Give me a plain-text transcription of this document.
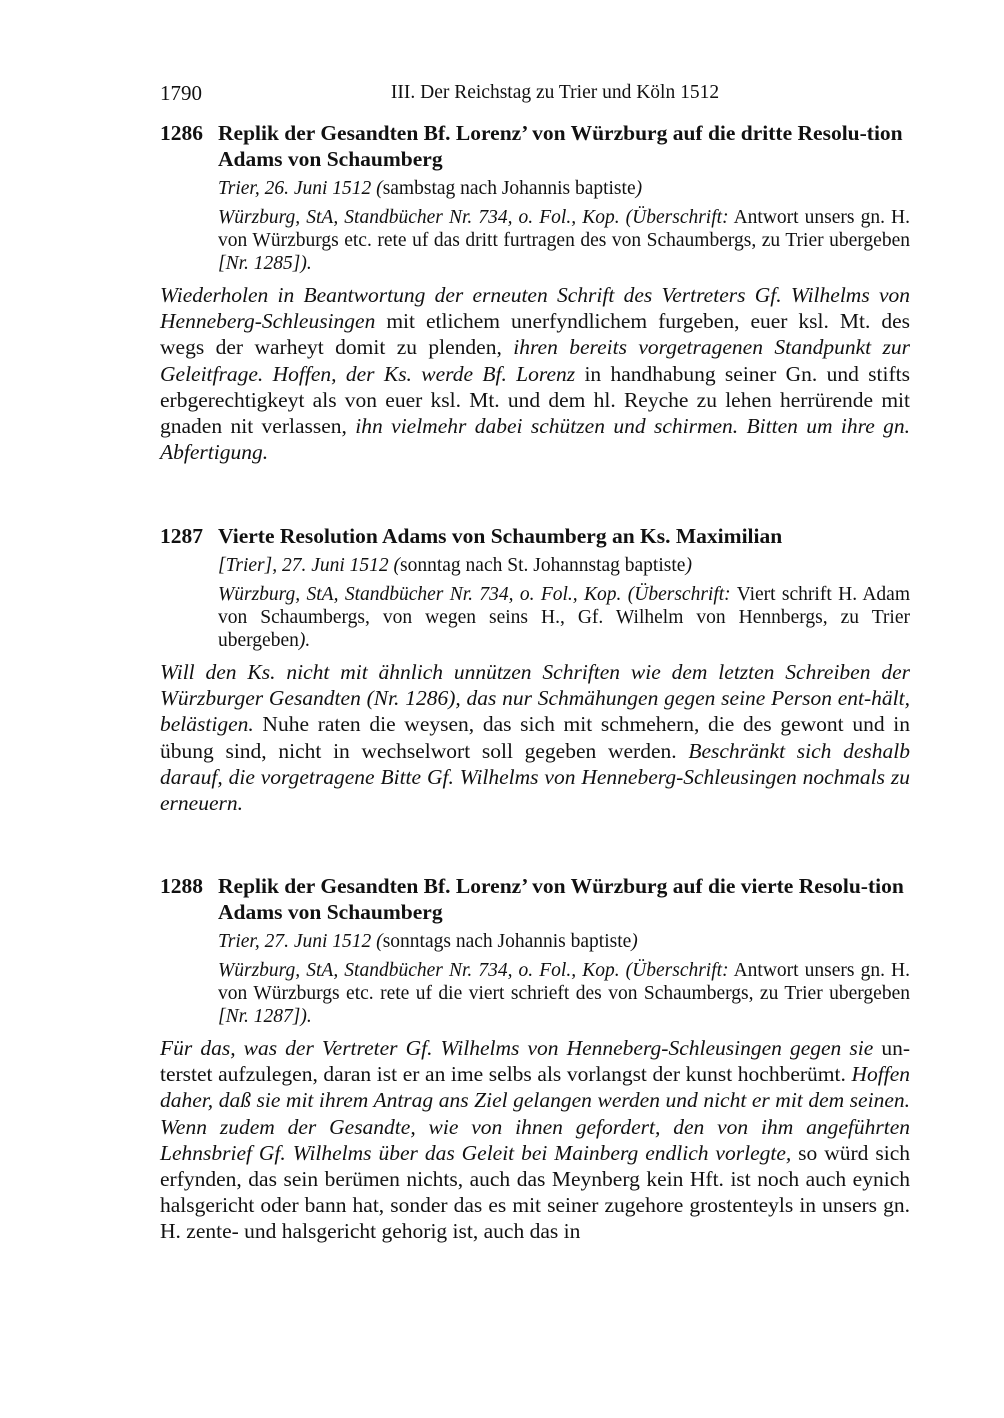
1790	III. Der Reichstag zu Trier und Köln 1512
1286 Replik der Gesandten Bf. Lorenz’ von Würzburg auf die dritte Resolu-tion Adams von Schaumberg
Trier, 26. Juni 1512 (sambstag nach Johannis baptiste)
Würzburg, StA, Standbücher Nr. 734, o. Fol., Kop. (Überschrift: Antwort unsers gn. H. von Würzburgs etc. rete uf das dritt furtragen des von Schaumbergs, zu Trier ubergeben [Nr. 1285]).
Wiederholen in Beantwortung der erneuten Schrift des Vertreters Gf. Wilhelms von Henneberg-Schleusingen mit etlichem unerfyndlichem furgeben, euer ksl. Mt. des wegs der warheyt domit zu plenden, ihren bereits vorgetragenen Standpunkt zur Geleitfrage. Hoffen, der Ks. werde Bf. Lorenz in handhabung seiner Gn. und stifts erbgerechtigkeyt als von euer ksl. Mt. und dem hl. Reyche zu lehen herrürende mit gnaden nit verlassen, ihn vielmehr dabei schützen und schirmen. Bitten um ihre gn. Abfertigung.
1287 Vierte Resolution Adams von Schaumberg an Ks. Maximilian
[Trier], 27. Juni 1512 (sonntag nach St. Johannstag baptiste)
Würzburg, StA, Standbücher Nr. 734, o. Fol., Kop. (Überschrift: Viert schrift H. Adam von Schaumbergs, von wegen seins H., Gf. Wilhelm von Hennbergs, zu Trier ubergeben).
Will den Ks. nicht mit ähnlich unnützen Schriften wie dem letzten Schreiben der Würzburger Gesandten (Nr. 1286), das nur Schmähungen gegen seine Person ent-hält, belästigen. Nuhe raten die weysen, das sich mit schmehern, die des gewont und in übung sind, nicht in wechselwort soll gegeben werden. Beschränkt sich deshalb darauf, die vorgetragene Bitte Gf. Wilhelms von Henneberg-Schleusingen nochmals zu erneuern.
1288 Replik der Gesandten Bf. Lorenz’ von Würzburg auf die vierte Resolu-tion Adams von Schaumberg
Trier, 27. Juni 1512 (sonntags nach Johannis baptiste)
Würzburg, StA, Standbücher Nr. 734, o. Fol., Kop. (Überschrift: Antwort unsers gn. H. von Würzburgs etc. rete uf die viert schrieft des von Schaumbergs, zu Trier ubergeben [Nr. 1287]).
Für das, was der Vertreter Gf. Wilhelms von Henneberg-Schleusingen gegen sie un-terstet aufzulegen, daran ist er an ime selbs als vorlangst der kunst hochberümt. Hoffen daher, daß sie mit ihrem Antrag ans Ziel gelangen werden und nicht er mit dem seinen. Wenn zudem der Gesandte, wie von ihnen gefordert, den von ihm angeführten Lehnsbrief Gf. Wilhelms über das Geleit bei Mainberg endlich vorlegte, so würd sich erfynden, das sein berümen nichts, auch das Meynberg kein Hft. ist noch auch eynich halsgericht oder bann hat, sonder das es mit seiner zugehore grostenteyls in unsers gn. H. zente- und halsgericht gehorig ist, auch das in
